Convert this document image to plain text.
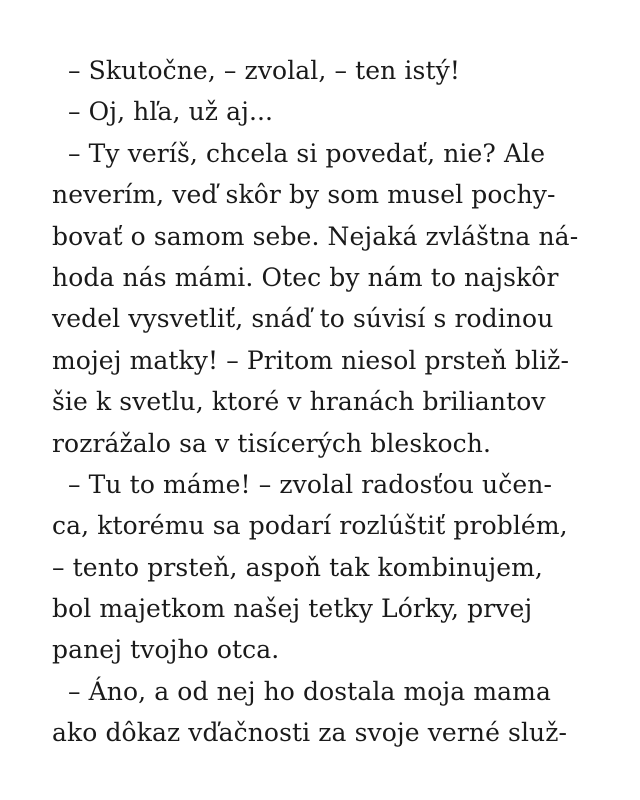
– Skutočne, – zvolal, – ten istý!
– Oj, hľa, už aj...
– Ty veríš, chcela si povedať, nie? Ale
neverím, veď skôr by som musel pochy-
bovať o samom sebe. Nejaká zvláštna ná-
hoda nás mámi. Otec by nám to najskôr
vedel vysvetliť, snáď to súvisí s rodinou
mojej matky! – Pritom niesol prsteň bliž-
šie k svetlu, ktoré v hranách briliantov
rozrážalo sa v tisícerých bleskoch.
– Tu to máme! – zvolal radosťou učen-
ca, ktorému sa podarí rozlúštiť problém,
– tento prsteň, aspoň tak kombinujem,
bol majetkom našej tetky Lórky, prvej
panej tvojho otca.
– Áno, a od nej ho dostala moja mama
ako dôkaz vďačnosti za svoje verné služ-
